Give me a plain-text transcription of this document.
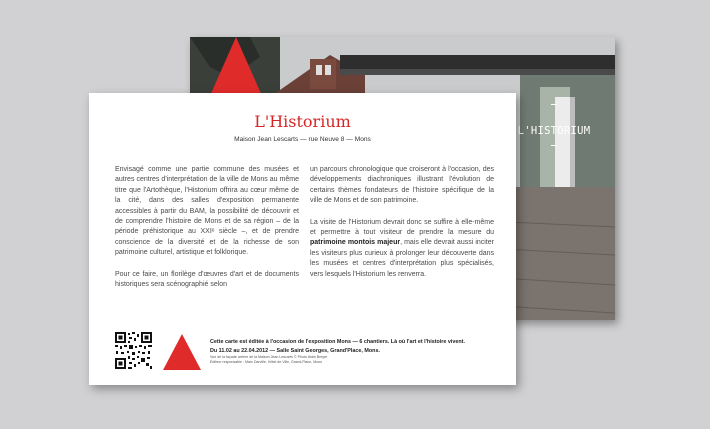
L'HISTORIUM
L'Historium

Maison Jean Lescarts — rue Neuve 8 — Mons

Envisagé comme une partie commune des musées et autres centres d'interprétation de la ville de Mons au même titre que l'Artothèque, l'Historium offrira au cœur même de la cité, dans des salles d'exposition permanente accessibles à partir du BAM, la possibilité de découvrir et de comprendre l'histoire de Mons et de sa région – de la période préhistorique au XXIᵉ siècle –, et de prendre conscience de la diversité et de la richesse de son patrimoine culturel, artistique et folklorique.

Pour ce faire, un florilège d'œuvres d'art et de documents historiques sera scénographié selon

un parcours chronologique que croiseront à l'occasion, des développements diachroniques illustrant l'évolution de certains thèmes fondateurs de l'histoire spécifique de la ville de Mons et de son patrimoine.

La visite de l'Historium devrait donc se suffire à elle-même et permettre à tout visiteur de prendre la mesure du patrimoine montois majeur, mais elle devrait aussi inciter les visiteurs plus curieux à prolonger leur découverte dans les musées et centres d'interprétation plus spécialisés, vers lesquels l'Historium les renverra.

Cette carte est éditée à l'occasion de l'exposition Mons — 6 chantiers. Là où l'art et l'histoire vivent.
Du 11.02 au 22.04.2012 — Salle Saint Georges, Grand'Place, Mons.
Vue de la façade arrière de la Maison Jean Lescarts © Photo Alain Breyer
Éditeur responsable : Marc Darville, Hôtel de Ville, Grand-Place, Mons
